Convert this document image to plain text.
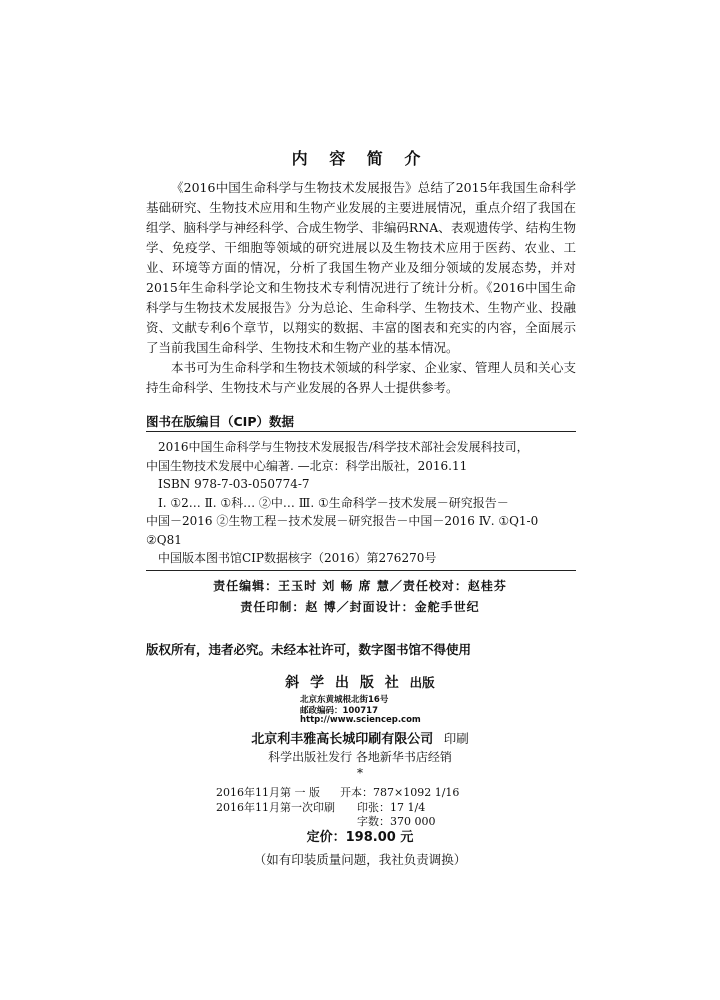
内 容 简 介

《2016中国生命科学与生物技术发展报告》总结了2015年我国生命科学基础研究、生物技术应用和生物产业发展的主要进展情况，重点介绍了我国在组学、脑科学与神经科学、合成生物学、非编码RNA、表观遗传学、结构生物学、免疫学、干细胞等领域的研究进展以及生物技术应用于医药、农业、工业、环境等方面的情况，分析了我国生物产业及细分领域的发展态势，并对2015年生命科学论文和生物技术专利情况进行了统计分析。《2016中国生命科学与生物技术发展报告》分为总论、生命科学、生物技术、生物产业、投融资、文献专利6个章节，以翔实的数据、丰富的图表和充实的内容，全面展示了当前我国生命科学、生物技术和生物产业的基本情况。

本书可为生命科学和生物技术领域的科学家、企业家、管理人员和关心支持生命科学、生物技术与产业发展的各界人士提供参考。

图书在版编目（CIP）数据
2016中国生命科学与生物技术发展报告/科学技术部社会发展科技司，
中国生物技术发展中心编著. —北京：科学出版社，2016.11
ISBN 978-7-03-050774-7
Ⅰ. ①2… Ⅱ. ①科… ②中… Ⅲ. ①生命科学－技术发展－研究报告－
中国－2016 ②生物工程－技术发展－研究报告－中国－2016 Ⅳ. ①Q1-0
②Q81
中国版本图书馆CIP数据核字（2016）第276270号
责任编辑：王玉时 刘 畅 席 慧／责任校对：赵桂芬
责任印制：赵 博／封面设计：金舵手世纪
版权所有，违者必究。未经本社许可，数字图书馆不得使用
斜 学 出 版 社 出版
北京东黄城根北街16号
邮政编码：100717
http://www.sciencep.com
北京利丰雅高长城印刷有限公司 印刷
科学出版社发行 各地新华书店经销
*
2016年11月第 一 版 开本：787×1092 1/16
2016年11月第一次印刷 印张：17 1/4
字数：370 000
定价：198.00 元
（如有印装质量问题，我社负责调换）
